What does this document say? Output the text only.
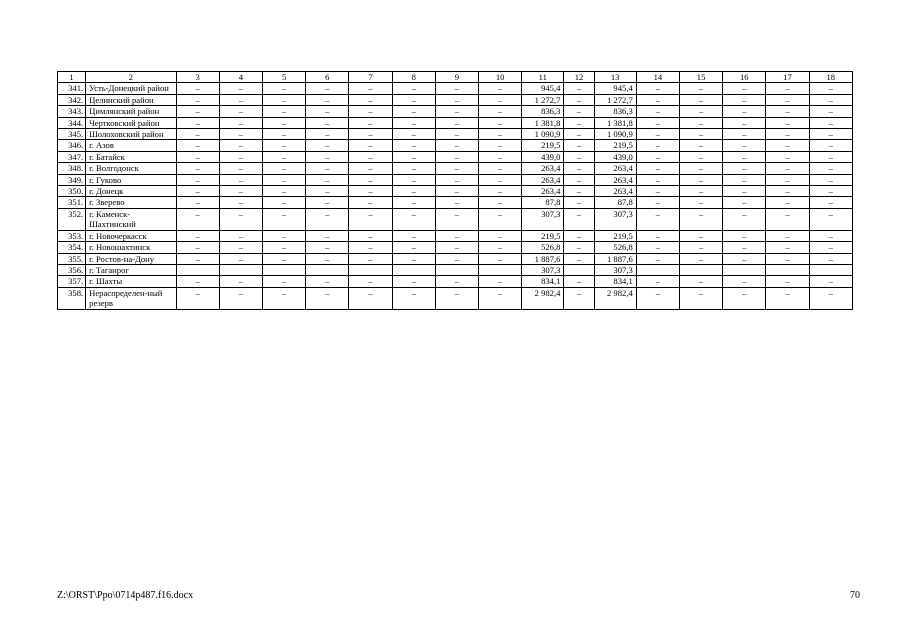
1	2	3	4	5	6	7	8	9	10	11	12	13	14	15	16	17	18
341.	Усть-Донецкий район	–	–	–	–	–	–	–	–	945,4	–	945,4	–	–	–	–	–
342.	Целинский район	–	–	–	–	–	–	–	–	1 272,7	–	1 272,7	–	–	–	–	–
343.	Цимлянский район	–	–	–	–	–	–	–	–	836,3	–	836,3	–	–	–	–	–
344.	Чертковский район	–	–	–	–	–	–	–	–	1 381,8	–	1 381,8	–	–	–	–	–
345.	Шолоховский район	–	–	–	–	–	–	–	–	1 090,9	–	1 090,9	–	–	–	–	–
346.	г. Азов	–	–	–	–	–	–	–	–	219,5	–	219,5	–	–	–	–	–
347.	г. Батайск	–	–	–	–	–	–	–	–	439,0	–	439,0	–	–	–	–	–
348.	г. Волгодонск	–	–	–	–	–	–	–	–	263,4	–	263,4	–	–	–	–	–
349.	г. Гуково	–	–	–	–	–	–	–	–	263,4	–	263,4	–	–	–	–	–
350.	г. Донецк	–	–	–	–	–	–	–	–	263,4	–	263,4	–	–	–	–	–
351.	г. Зверево	–	–	–	–	–	–	–	–	87,8	–	87,8	–	–	–	–	–
352.	г. Каменск-Шахтинский	–	–	–	–	–	–	–	–	307,3	–	307,3	–	–	–	–	–
353.	г. Новочеркасск	–	–	–	–	–	–	–	–	219,5	–	219,5	–	–	–	–	–
354.	г. Новошахтинск	–	–	–	–	–	–	–	–	526,8	–	526,8	–	–	–	–	–
355.	г. Ростов-на-Дону	–	–	–	–	–	–	–	–	1 887,6	–	1 887,6	–	–	–	–	–
356.	г. Таганрог									307,3		307,3					
357.	г. Шахты	–	–	–	–	–	–	–	–	834,1	–	834,1	–	–	–	–	–
358.	Нераспределен-ный резерв	–	–	–	–	–	–	–	–	2 982,4	–	2 982,4	–	–	–	–	–
Z:\ORST\Ppo\0714p487.f16.docx	70
